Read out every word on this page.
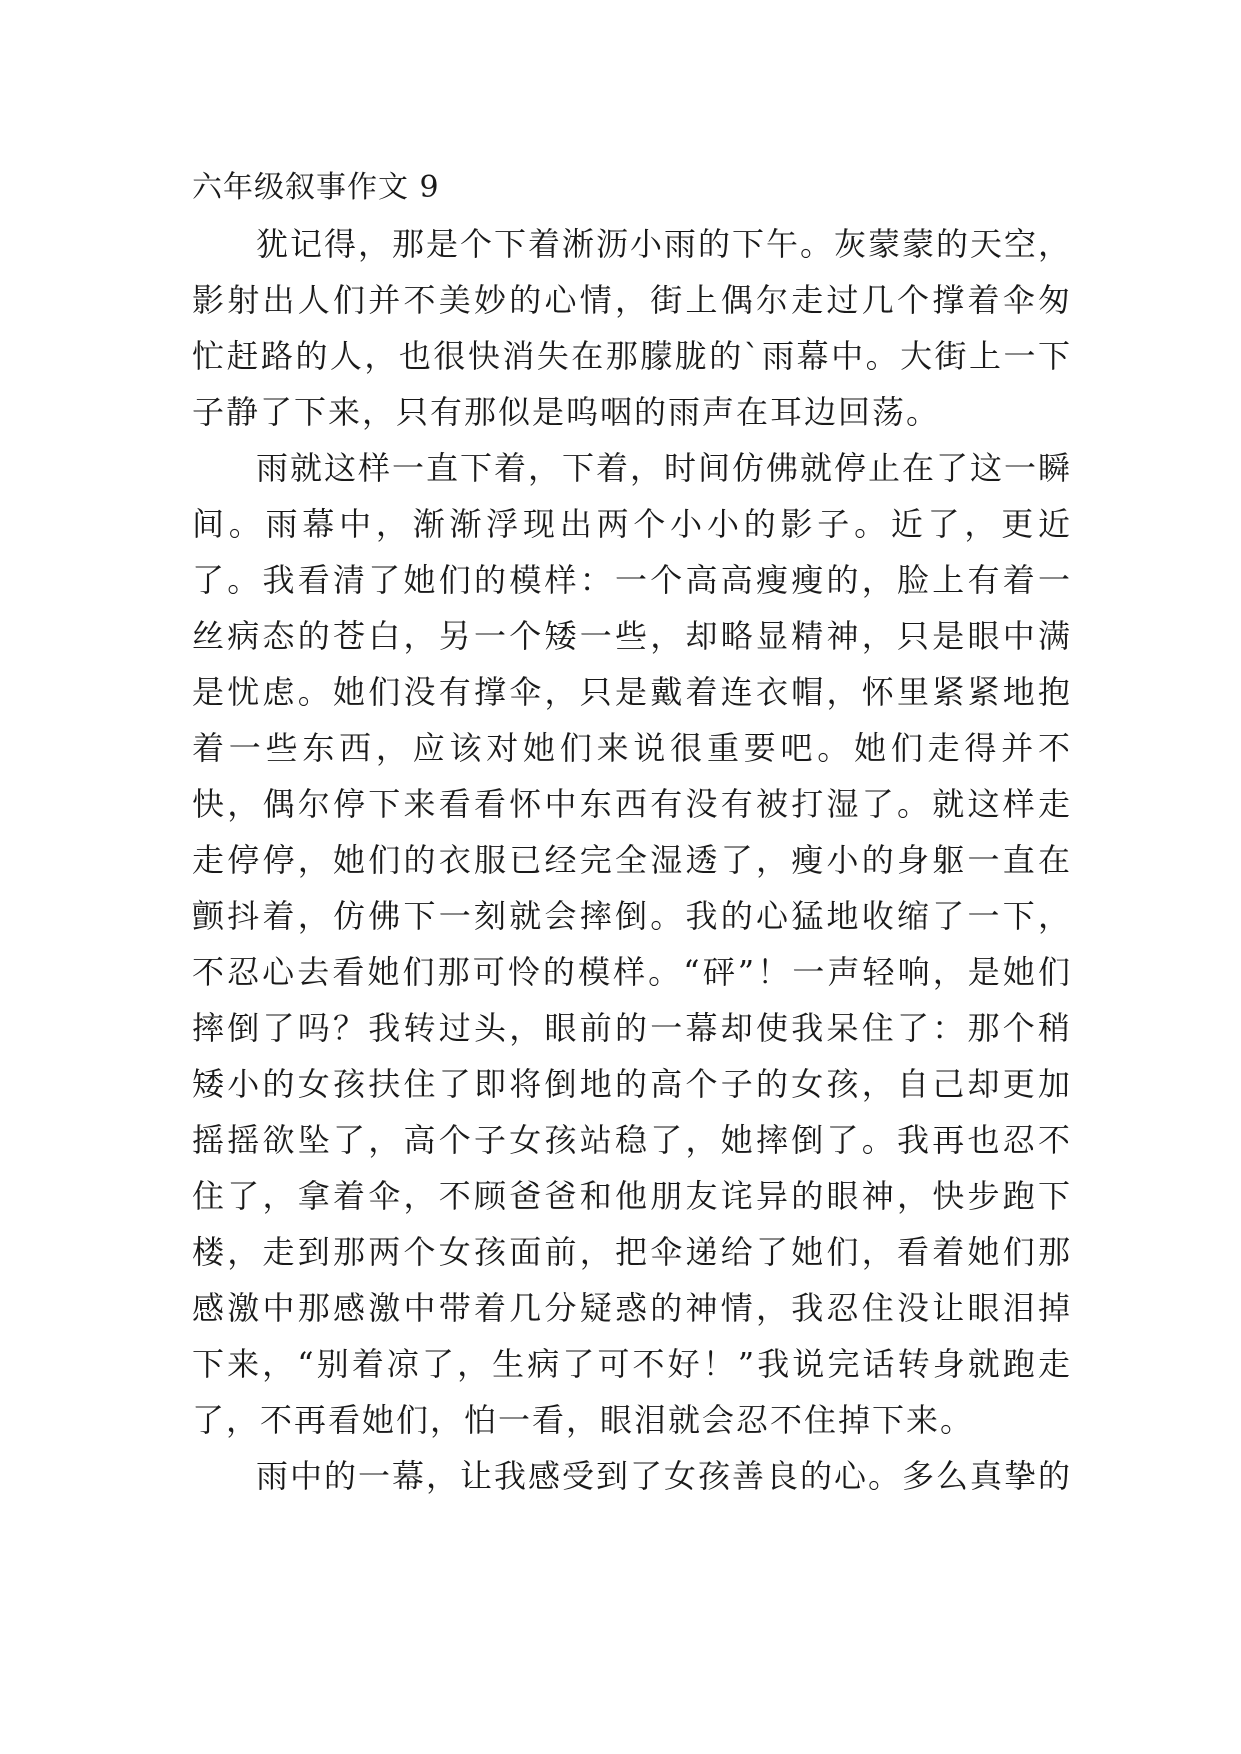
六年级叙事作文 9

犹记得，那是个下着淅沥小雨的下午。灰蒙蒙的天空，影射出人们并不美妙的心情，街上偶尔走过几个撑着伞匆忙赶路的人，也很快消失在那朦胧的`雨幕中。大街上一下子静了下来，只有那似是呜咽的雨声在耳边回荡。

雨就这样一直下着，下着，时间仿佛就停止在了这一瞬间。雨幕中，渐渐浮现出两个小小的影子。近了，更近了。我看清了她们的模样：一个高高瘦瘦的，脸上有着一丝病态的苍白，另一个矮一些，却略显精神，只是眼中满是忧虑。她们没有撑伞，只是戴着连衣帽，怀里紧紧地抱着一些东西，应该对她们来说很重要吧。她们走得并不快，偶尔停下来看看怀中东西有没有被打湿了。就这样走走停停，她们的衣服已经完全湿透了，瘦小的身躯一直在颤抖着，仿佛下一刻就会摔倒。我的心猛地收缩了一下，不忍心去看她们那可怜的模样。“砰”！一声轻响，是她们摔倒了吗？我转过头，眼前的一幕却使我呆住了：那个稍矮小的女孩扶住了即将倒地的高个子的女孩，自己却更加摇摇欲坠了，高个子女孩站稳了，她摔倒了。我再也忍不住了，拿着伞，不顾爸爸和他朋友诧异的眼神，快步跑下楼，走到那两个女孩面前，把伞递给了她们，看着她们那感激中那感激中带着几分疑惑的神情，我忍住没让眼泪掉下来，“别着凉了，生病了可不好！”我说完话转身就跑走了，不再看她们，怕一看，眼泪就会忍不住掉下来。

雨中的一幕，让我感受到了女孩善良的心。多么真挚的
